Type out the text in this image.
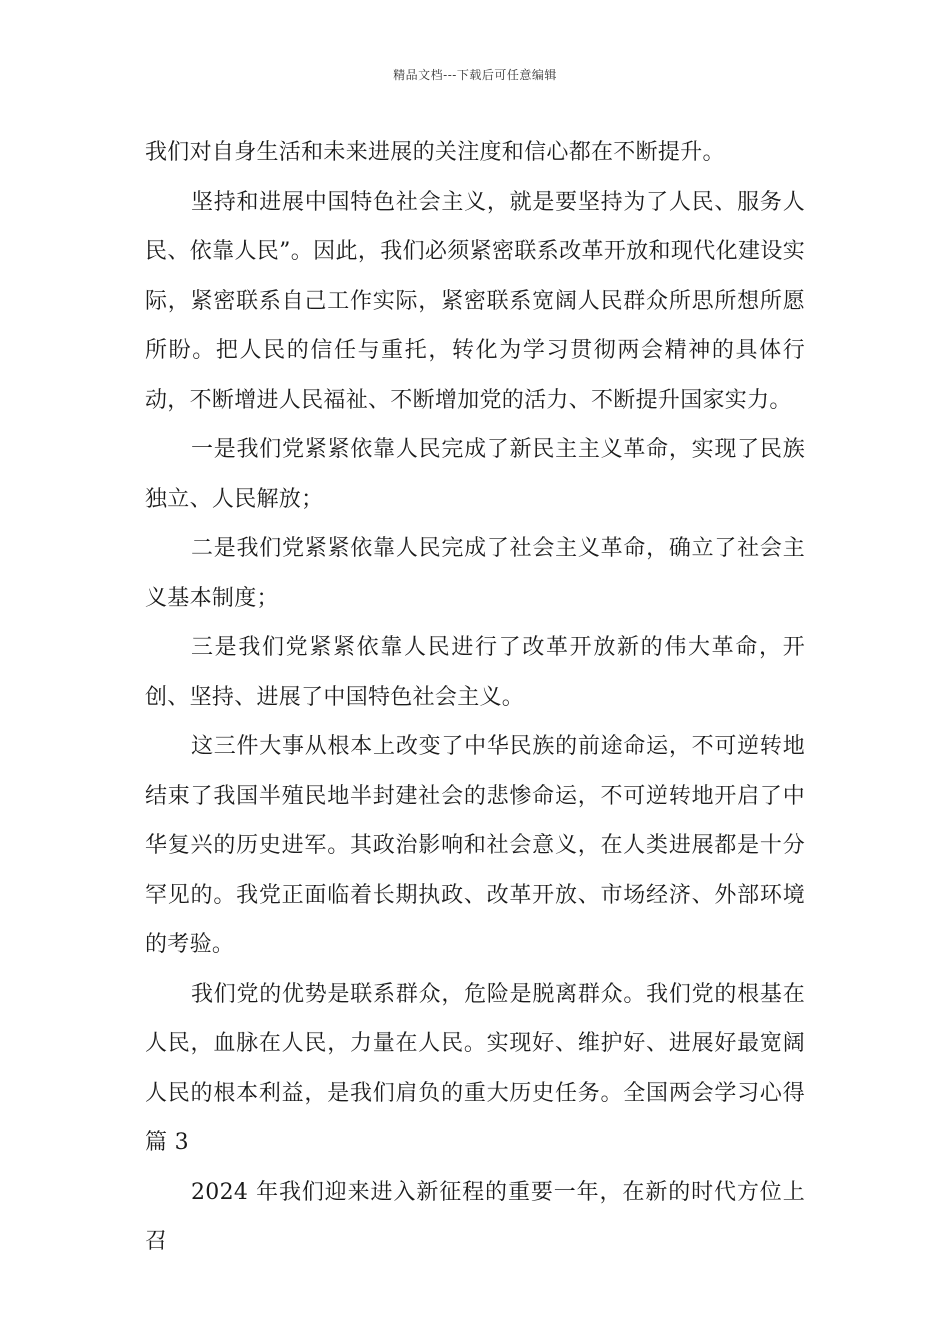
精品文档---下载后可任意编辑

我们对自身生活和未来进展的关注度和信心都在不断提升。

坚持和进展中国特色社会主义，就是要坚持为了人民、服务人民、依靠人民”。因此，我们必须紧密联系改革开放和现代化建设实际，紧密联系自己工作实际，紧密联系宽阔人民群众所思所想所愿所盼。把人民的信任与重托，转化为学习贯彻两会精神的具体行动，不断增进人民福祉、不断增加党的活力、不断提升国家实力。

一是我们党紧紧依靠人民完成了新民主主义革命，实现了民族独立、人民解放；

二是我们党紧紧依靠人民完成了社会主义革命，确立了社会主义基本制度；

三是我们党紧紧依靠人民进行了改革开放新的伟大革命，开创、坚持、进展了中国特色社会主义。

这三件大事从根本上改变了中华民族的前途命运，不可逆转地结束了我国半殖民地半封建社会的悲惨命运，不可逆转地开启了中华复兴的历史进军。其政治影响和社会意义，在人类进展都是十分罕见的。我党正面临着长期执政、改革开放、市场经济、外部环境的考验。

我们党的优势是联系群众，危险是脱离群众。我们党的根基在人民，血脉在人民，力量在人民。实现好、维护好、进展好最宽阔人民的根本利益，是我们肩负的重大历史任务。全国两会学习心得篇 3

2024 年我们迎来进入新征程的重要一年，在新的时代方位上召
